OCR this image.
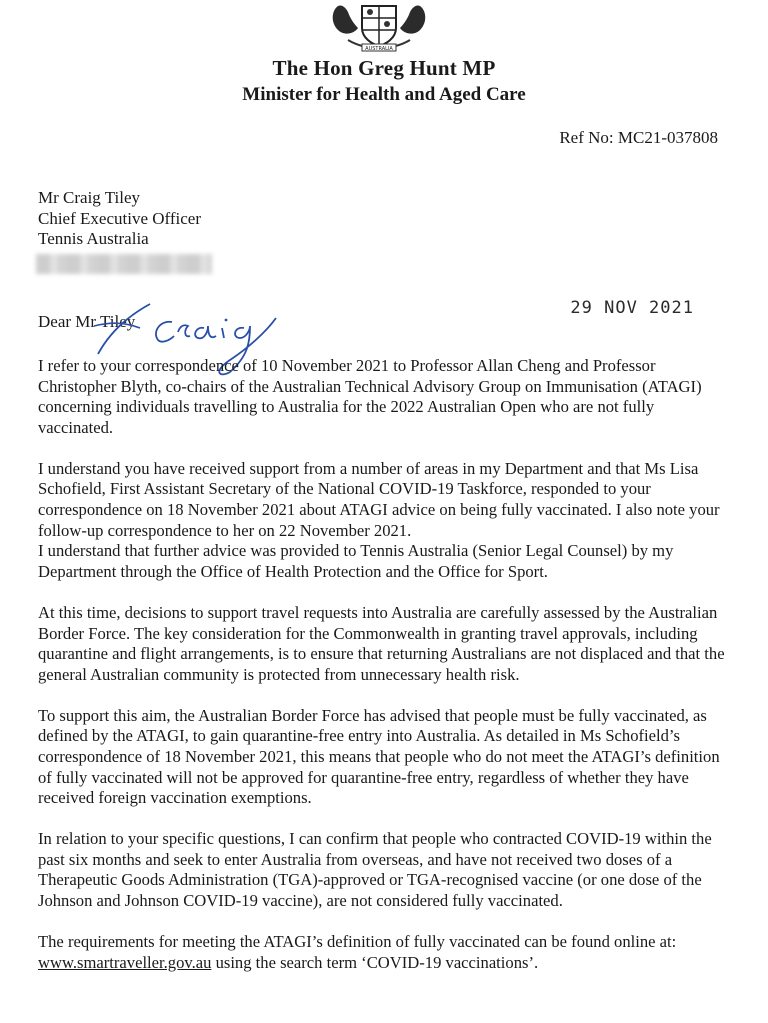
AUSTRALIA
The Hon Greg Hunt MP
Minister for Health and Aged Care
Ref No: MC21-037808
Mr Craig Tiley
Chief Executive Officer
Tennis Australia
29 NOV 2021
Dear Mr Tiley

I refer to your correspondence of 10 November 2021 to Professor Allan Cheng and Professor Christopher Blyth, co-chairs of the Australian Technical Advisory Group on Immunisation (ATAGI) concerning individuals travelling to Australia for the 2022 Australian Open who are not fully vaccinated.

I understand you have received support from a number of areas in my Department and that Ms Lisa Schofield, First Assistant Secretary of the National COVID-19 Taskforce, responded to your correspondence on 18 November 2021 about ATAGI advice on being fully vaccinated. I also note your follow-up correspondence to her on 22 November 2021.

I understand that further advice was provided to Tennis Australia (Senior Legal Counsel) by my Department through the Office of Health Protection and the Office for Sport.

At this time, decisions to support travel requests into Australia are carefully assessed by the Australian Border Force. The key consideration for the Commonwealth in granting travel approvals, including quarantine and flight arrangements, is to ensure that returning Australians are not displaced and that the general Australian community is protected from unnecessary health risk.

To support this aim, the Australian Border Force has advised that people must be fully vaccinated, as defined by the ATAGI, to gain quarantine-free entry into Australia. As detailed in Ms Schofield’s correspondence of 18 November 2021, this means that people who do not meet the ATAGI’s definition of fully vaccinated will not be approved for quarantine-free entry, regardless of whether they have received foreign vaccination exemptions.

In relation to your specific questions, I can confirm that people who contracted COVID-19 within the past six months and seek to enter Australia from overseas, and have not received two doses of a Therapeutic Goods Administration (TGA)-approved or TGA-recognised vaccine (or one dose of the Johnson and Johnson COVID-19 vaccine), are not considered fully vaccinated.

The requirements for meeting the ATAGI’s definition of fully vaccinated can be found online at: www.smartraveller.gov.au using the search term ‘COVID-19 vaccinations’.
